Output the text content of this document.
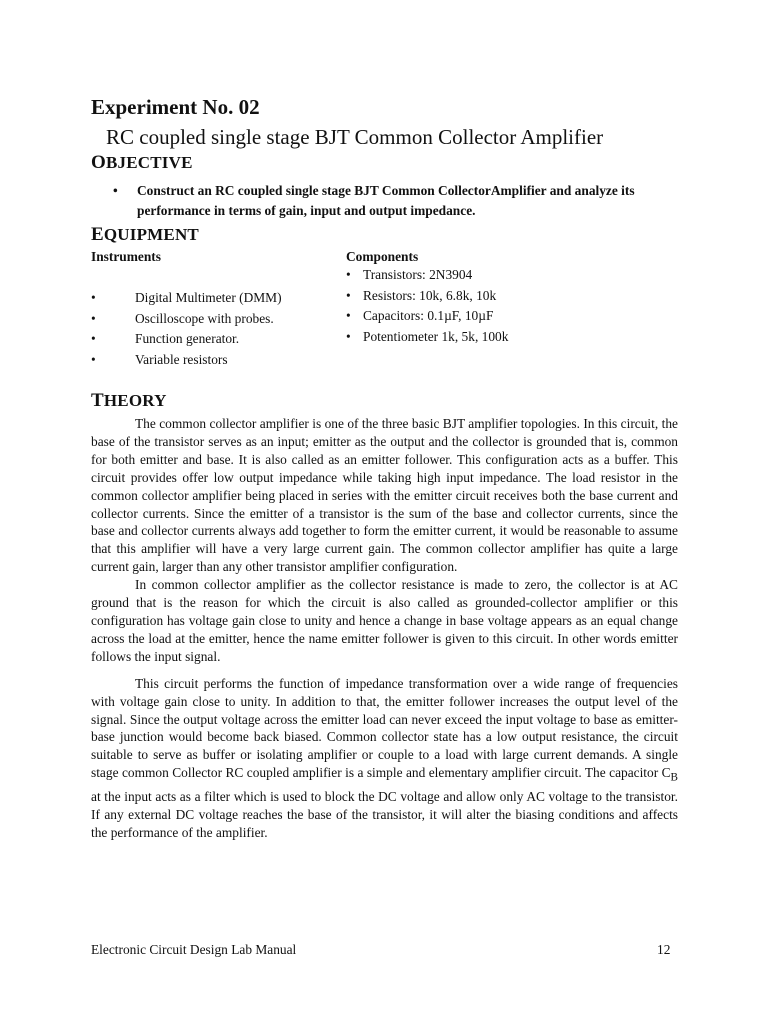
Experiment No. 02
RC coupled single stage BJT Common Collector Amplifier
OBJECTIVE
• Construct an RC coupled single stage BJT Common CollectorAmplifier and analyze its performance in terms of gain, input and output impedance.
EQUIPMENT
Instruments	Components
•	Digital Multimeter (DMM)
•	Oscilloscope with probes.
•	Function generator.
•	Variable resistors
• Transistors: 2N3904
• Resistors: 10k, 6.8k, 10k
• Capacitors: 0.1µF, 10µF
• Potentiometer 1k, 5k, 100k
THEORY

The common collector amplifier is one of the three basic BJT amplifier topologies. In this circuit, the base of the transistor serves as an input; emitter as the output and the collector is grounded that is, common for both emitter and base. It is also called as an emitter follower. This configuration acts as a buffer. This circuit provides offer low output impedance while taking high input impedance. The load resistor in the common collector amplifier being placed in series with the emitter circuit receives both the base current and collector currents. Since the emitter of a transistor is the sum of the base and collector currents, since the base and collector currents always add together to form the emitter current, it would be reasonable to assume that this amplifier will have a very large current gain. The common collector amplifier has quite a large current gain, larger than any other transistor amplifier configuration.

In common collector amplifier as the collector resistance is made to zero, the collector is at AC ground that is the reason for which the circuit is also called as grounded-collector amplifier or this configuration has voltage gain close to unity and hence a change in base voltage appears as an equal change across the load at the emitter, hence the name emitter follower is given to this circuit. In other words emitter follows the input signal.

This circuit performs the function of impedance transformation over a wide range of frequencies with voltage gain close to unity. In addition to that, the emitter follower increases the output level of the signal. Since the output voltage across the emitter load can never exceed the input voltage to base as emitter-base junction would become back biased. Common collector state has a low output resistance, the circuit suitable to serve as buffer or isolating amplifier or couple to a load with large current demands. A single stage common Collector RC coupled amplifier is a simple and elementary amplifier circuit. The capacitor $C_B$ at the input acts as a filter which is used to block the DC voltage and allow only AC voltage to the transistor. If any external DC voltage reaches the base of the transistor, it will alter the biasing conditions and affects the performance of the amplifier.

Electronic Circuit Design Lab Manual	12
